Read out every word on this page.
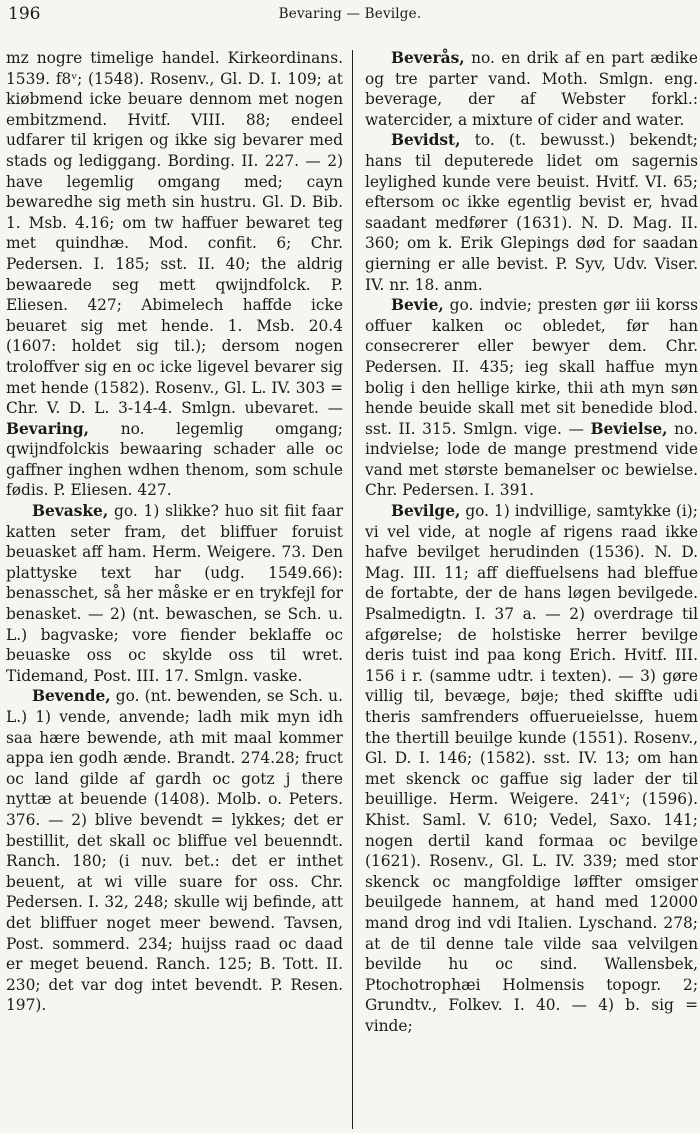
196	Bevaring — Bevilge.

mz nogre timelige handel. Kirkeordinans. 1539. f8ᵛ; (1548). Rosenv., Gl. D. I. 109; at kiøbmend icke beuare dennom met nogen embitzmend. Hvitf. VIII. 88; endeel udfarer til krigen og ikke sig bevarer med stads og lediggang. Bording. II. 227. — 2) have legemlig omgang med; cayn bewaredhe sig meth sin hustru. Gl. D. Bib. 1. Msb. 4.16; om tw haffuer bewaret teg met quindhæ. Mod. confit. 6; Chr. Pedersen. I. 185; sst. II. 40; the aldrig bewaarede seg mett qwijndfolck. P. Eliesen. 427; Abimelech haffde icke beuaret sig met hende. 1. Msb. 20.4 (1607: holdet sig til.); dersom nogen troloffver sig en oc icke ligevel bevarer sig met hende (1582). Rosenv., Gl. L. IV. 303 = Chr. V. D. L. 3-14-4. Smlgn. ubevaret. — Bevaring, no. legemlig omgang; qwijndfolckis bewaaring schader alle oc gaffner inghen wdhen thenom, som schule fødis. P. Eliesen. 427.

Bevaske, go. 1) slikke? huo sit fiit faar katten seter fram, det bliffuer foruist beuasket aff ham. Herm. Weigere. 73. Den plattyske text har (udg. 1549.66): benasschet, så her måske er en trykfejl for benasket. — 2) (nt. bewaschen, se Sch. u. L.) bagvaske; vore fiender beklaffe oc beuaske oss oc skylde oss til wret. Tidemand, Post. III. 17. Smlgn. vaske.

Bevende, go. (nt. bewenden, se Sch. u. L.) 1) vende, anvende; ladh mik myn idh saa hære bewende, ath mit maal kommer appa ien godh ænde. Brandt. 274.28; fruct oc land gilde af gardh oc gotz j there nyttæ at beuende (1408). Molb. o. Peters. 376. — 2) blive bevendt = lykkes; det er bestillit, det skall oc bliffue vel beuenndt. Ranch. 180; (i nuv. bet.: det er inthet beuent, at wi ville suare for oss. Chr. Pedersen. I. 32, 248; skulle wij befinde, att det bliffuer noget meer bewend. Tavsen, Post. sommerd. 234; huijss raad oc daad er meget beuend. Ranch. 125; B. Tott. II. 230; det var dog intet bevendt. P. Resen. 197).

Beverås, no. en drik af en part ædike og tre parter vand. Moth. Smlgn. eng. beverage, der af Webster forkl.: watercider, a mixture of cider and water.

Bevidst, to. (t. bewusst.) bekendt; hans til deputerede lidet om sagernis leylighed kunde vere beuist. Hvitf. VI. 65; eftersom oc ikke egentlig bevist er, hvad saadant medfører (1631). N. D. Mag. II. 360; om k. Erik Glepings død for saadan gierning er alle bevist. P. Syv, Udv. Viser. IV. nr. 18. anm.

Bevie, go. indvie; presten gør iii korss offuer kalken oc obledet, før han consecrerer eller bewyer dem. Chr. Pedersen. II. 435; ieg skall haffue myn bolig i den hellige kirke, thii ath myn søn hende beuide skall met sit benedide blod. sst. II. 315. Smlgn. vige. — Bevielse, no. indvielse; lode de mange prestmend vide vand met største bemanelser oc bewielse. Chr. Pedersen. I. 391.

Bevilge, go. 1) indvillige, samtykke (i); vi vel vide, at nogle af rigens raad ikke hafve bevilget herudinden (1536). N. D. Mag. III. 11; aff dieffuelsens had bleffue de fortabte, der de hans løgen bevilgede. Psalmedigtn. I. 37 a. — 2) overdrage til afgørelse; de holstiske herrer bevilge deris tuist ind paa kong Erich. Hvitf. III. 156 i r. (samme udtr. i texten). — 3) gøre villig til, bevæge, bøje; thed skiffte udi theris samfrenders offuerueielsse, huem the thertill beuilge kunde (1551). Rosenv., Gl. D. I. 146; (1582). sst. IV. 13; om han met skenck oc gaffue sig lader der til beuillige. Herm. Weigere. 241ᵛ; (1596). Khist. Saml. V. 610; Vedel, Saxo. 141; nogen dertil kand formaa oc bevilge (1621). Rosenv., Gl. L. IV. 339; med stor skenck oc mangfoldige løffter omsiger beuilgede hannem, at hand med 12000 mand drog ind vdi Italien. Lyschand. 278; at de til denne tale vilde saa velvilgen bevilde hu oc sind. Wallensbek, Ptochotrophæi Holmensis topogr. 2; Grundtv., Folkev. I. 40. — 4) b. sig = vinde;
